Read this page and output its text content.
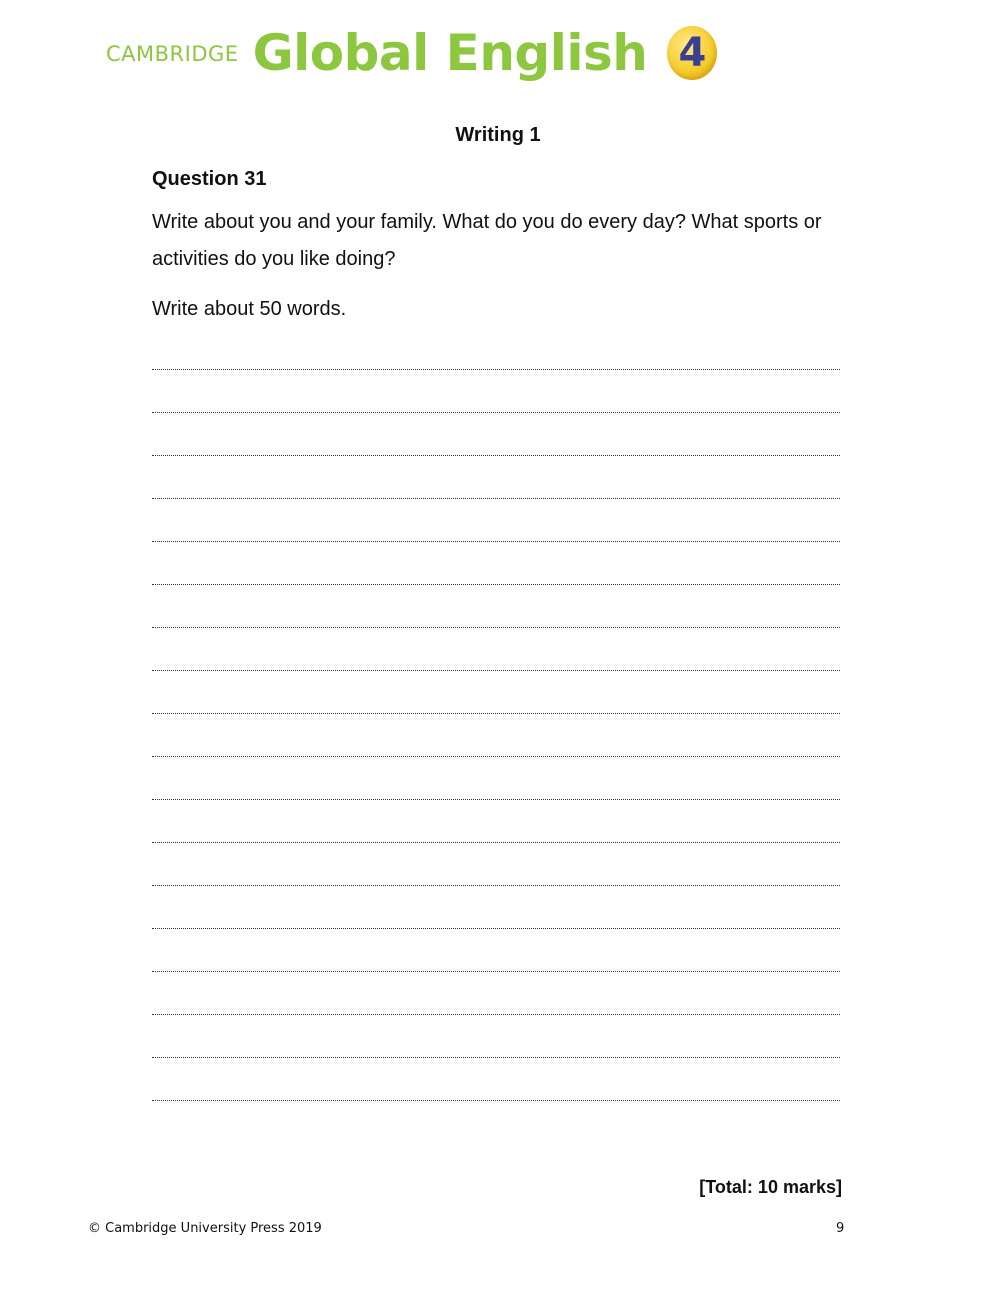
CAMBRIDGE Global English 4
Writing 1
Question 31
Write about you and your family. What do you do every day? What sports or activities do you like doing?
Write about 50 words.
[Total: 10 marks]
© Cambridge University Press 2019	9
